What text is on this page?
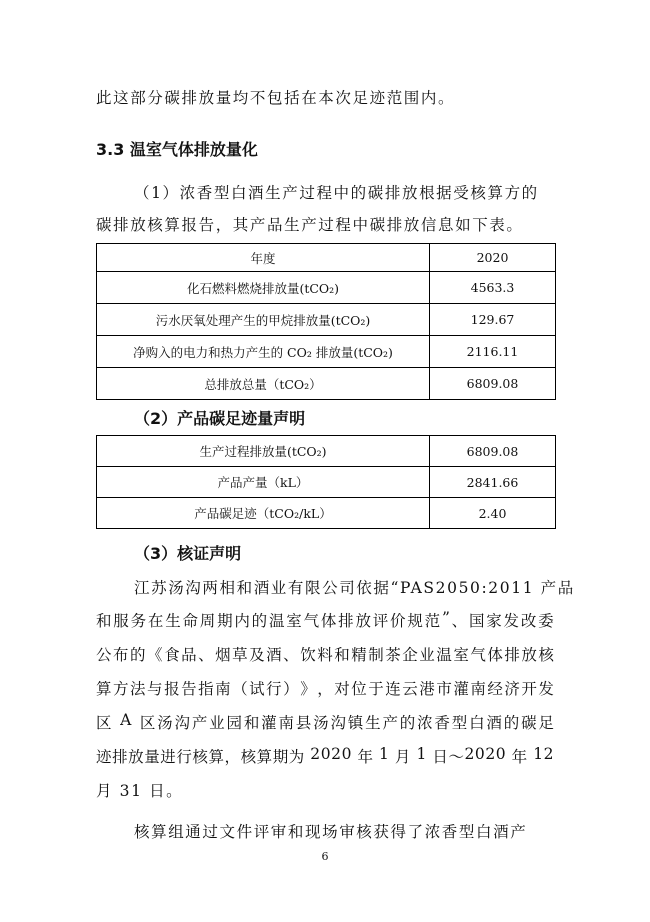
此这部分碳排放量均不包括在本次足迹范围内。
3.3 温室气体排放量化
（1）浓香型白酒生产过程中的碳排放根据受核算方的
碳排放核算报告，其产品生产过程中碳排放信息如下表。
年度	2020
化石燃料燃烧排放量(tCO₂)	4563.3
污水厌氧处理产生的甲烷排放量(tCO₂)	129.67
净购入的电力和热力产生的 CO₂ 排放量(tCO₂)	2116.11
总排放总量（tCO₂）	6809.08
（2）产品碳足迹量声明
生产过程排放量(tCO₂)	6809.08
产品产量（kL）	2841.66
产品碳足迹（tCO₂/kL）	2.40
（3）核证声明
江苏汤沟两相和酒业有限公司依据“PAS2050:2011 产品
和 服 务 在 生 命 周 期 内 的 温 室 气 体 排 放 评 价 规 范 ” 、 国 家 发 改 委
公 布 的 《 食 品 、 烟 草 及 酒 、 饮 料 和 精 制 茶 企 业 温 室 气 体 排 放 核
算 方 法 与 报 告 指 南 （ 试 行 ） 》 ， 对 位 于 连 云 港 市 灌 南 经 济 开 发
区
A
区 汤 沟 产 业 园 和 灌 南 县 汤 沟 镇 生 产 的 浓 香 型 白 酒 的 碳 足
迹 排 放 量 进 行 核 算 ， 核 算 期 为
2 0 2 0
年
1
月
1
日 ～ 2 0 2 0
年
1 2
月 31 日。
核算组通过文件评审和现场审核获得了浓香型白酒产
6
